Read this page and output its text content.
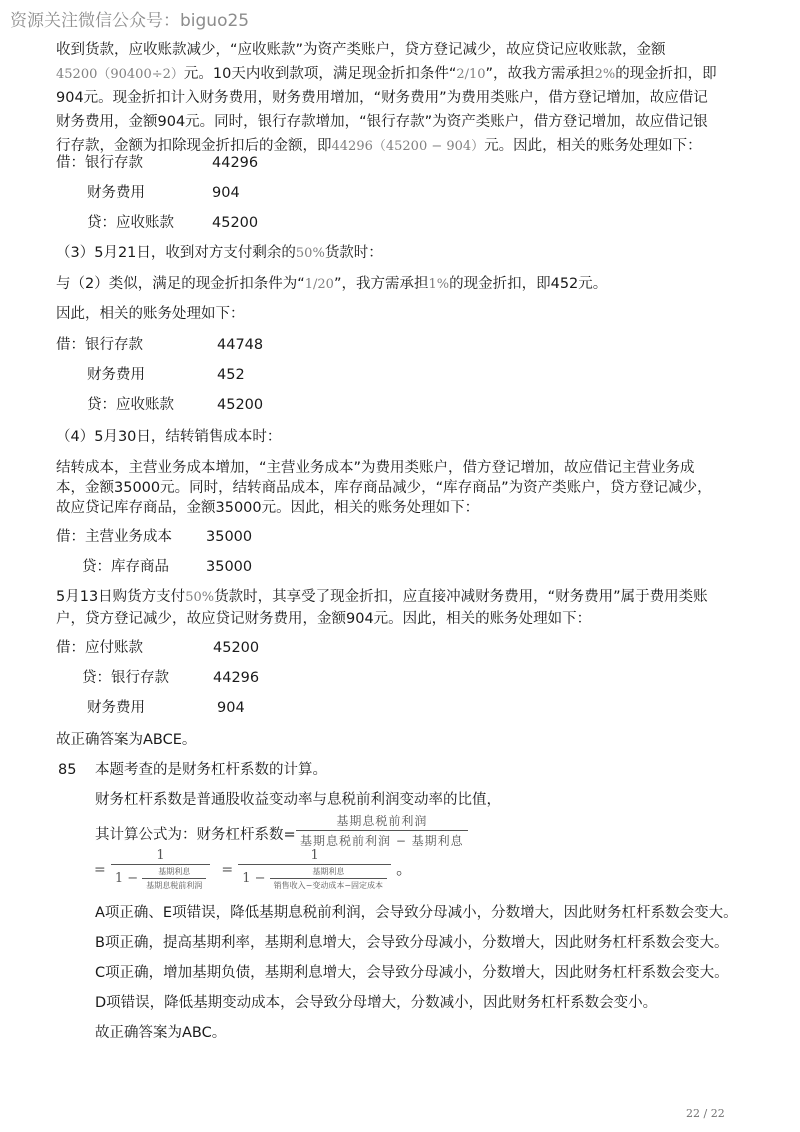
资源关注微信公众号：biguo25
收到货款，应收账款减少，“应收账款”为资产类账户，贷方登记减少，故应贷记应收账款，金额
45200（90400÷2）元。10天内收到款项，满足现金折扣条件“2/10”，故我方需承担2%的现金折扣，即
904元。现金折扣计入财务费用，财务费用增加，“财务费用”为费用类账户，借方登记增加，故应借记
财务费用，金额904元。同时，银行存款增加，“银行存款”为资产类账户，借方登记增加，故应借记银
行存款，金额为扣除现金折扣后的金额，即44296（45200 − 904）元。因此，相关的账务处理如下：
借：银行存款	44296
财务费用	904
贷：应收账款	45200
（3）5月21日，收到对方支付剩余的50%货款时：
与（2）类似，满足的现金折扣条件为“1/20”，我方需承担1%的现金折扣，即452元。
因此，相关的账务处理如下：
借：银行存款	44748
财务费用	452
贷：应收账款	45200
（4）5月30日，结转销售成本时：
结转成本，主营业务成本增加，“主营业务成本”为费用类账户，借方登记增加，故应借记主营业务成
本，金额35000元。同时，结转商品成本，库存商品减少，“库存商品”为资产类账户，贷方登记减少，
故应贷记库存商品，金额35000元。因此，相关的账务处理如下：
借：主营业务成本 35000
贷：库存商品	35000
5月13日购货方支付50%货款时，其享受了现金折扣，应直接冲减财务费用，“财务费用”属于费用类账
户，贷方登记减少，故应贷记财务费用，金额904元。因此，相关的账务处理如下：
借：应付账款	45200
贷：银行存款	44296
财务费用	904
故正确答案为ABCE。
85 本题考查的是财务杠杆系数的计算。
财务杠杆系数是普通股收益变动率与息税前利润变动率的比值，
其计算公式为：财务杠杆系数= $\frac{\text{基期息税前利润}}{\text{基期息税前利润 − 基期利息}}$
= $\frac{1}{1 - \frac{\text{基期利息}}{\text{基期息税前利润}}} = \frac{1}{1 - \frac{\text{基期利息}}{\text{销售收入−变动成本−固定成本}}}$ 。
A项正确、E项错误，降低基期息税前利润，会导致分母减小，分数增大，因此财务杠杆系数会变大。
B项正确，提高基期利率，基期利息增大，会导致分母减小，分数增大，因此财务杠杆系数会变大。
C项正确，增加基期负债，基期利息增大，会导致分母减小，分数增大，因此财务杠杆系数会变大。
D项错误，降低基期变动成本，会导致分母增大，分数减小，因此财务杠杆系数会变小。
故正确答案为ABC。
22 / 22
